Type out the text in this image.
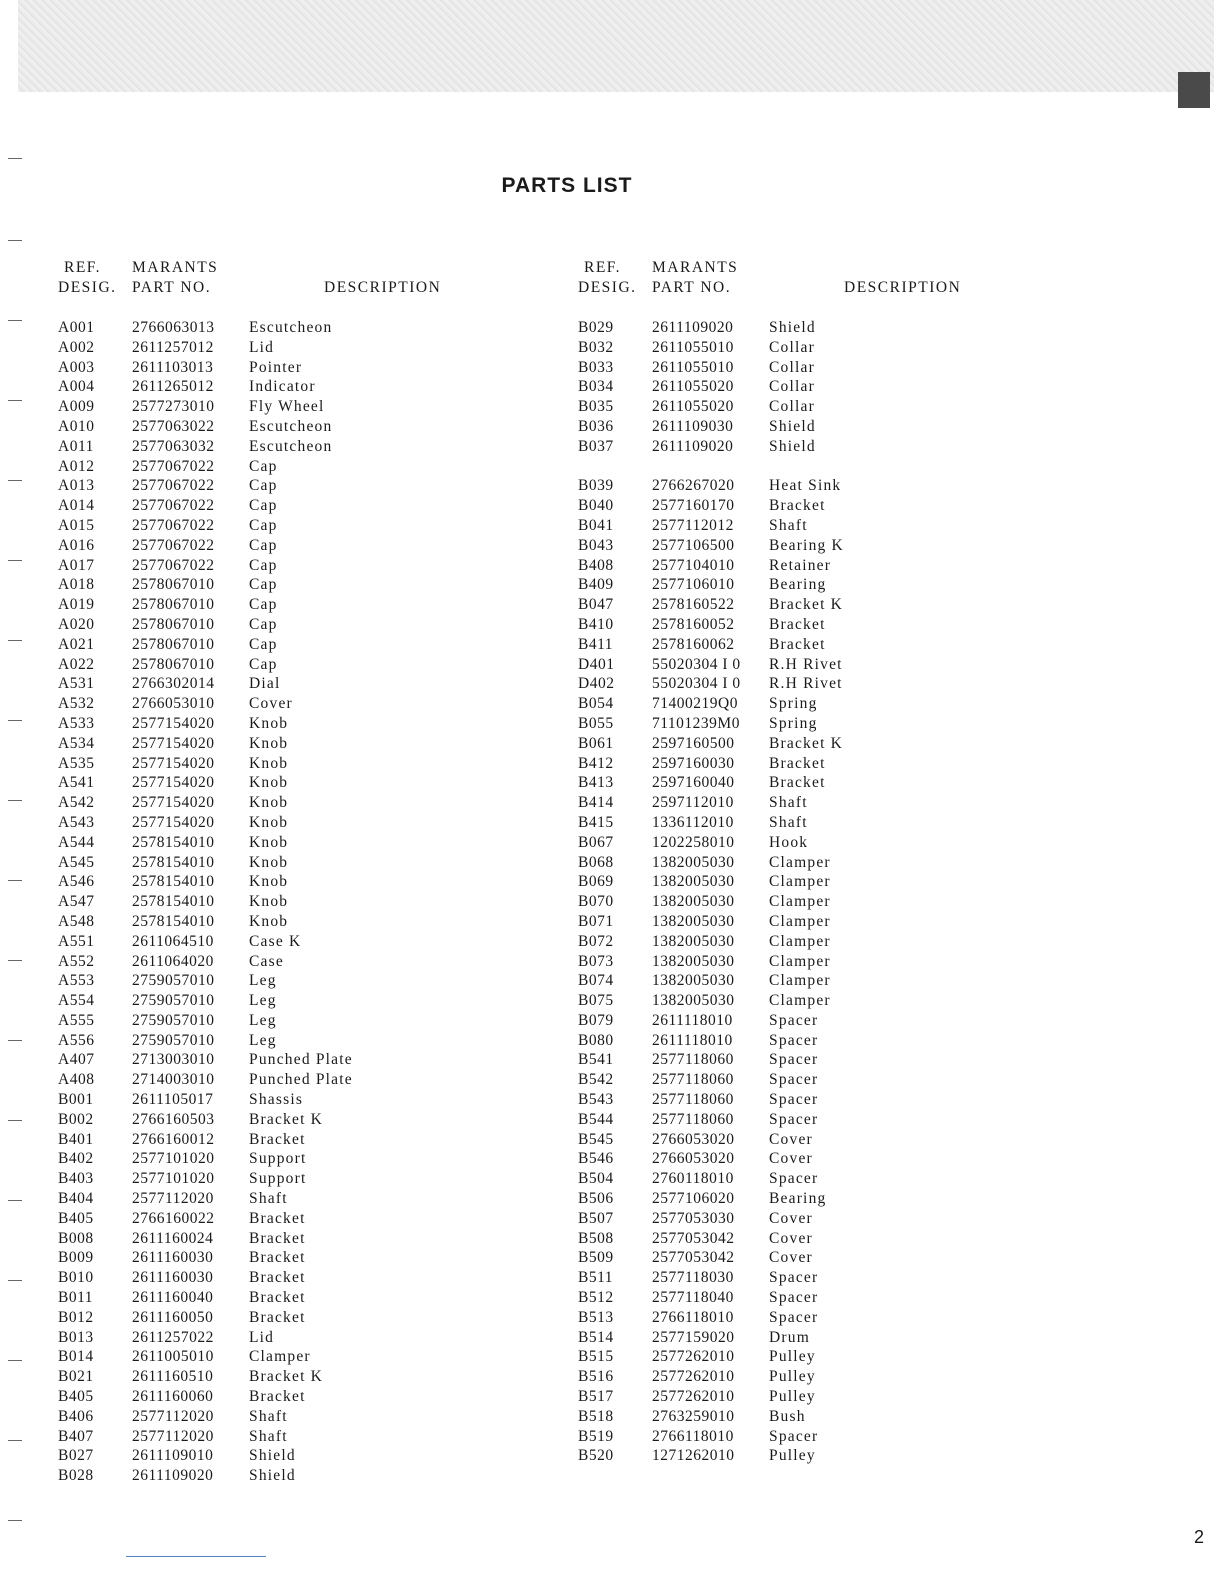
PARTS LIST
REF.
DESIG.
MARANTS
PART NO.	DESCRIPTION
A001 2766063013 Escutcheon
A002 2611257012 Lid
A003 2611103013 Pointer
A004 2611265012 Indicator
A009 2577273010 Fly Wheel
A010 2577063022 Escutcheon
A011 2577063032 Escutcheon
A012 2577067022 Cap
A013 2577067022 Cap
A014 2577067022 Cap
A015 2577067022 Cap
A016 2577067022 Cap
A017 2577067022 Cap
A018 2578067010 Cap
A019 2578067010 Cap
A020 2578067010 Cap
A021 2578067010 Cap
A022 2578067010 Cap
A531 2766302014 Dial
A532 2766053010 Cover
A533 2577154020 Knob
A534 2577154020 Knob
A535 2577154020 Knob
A541 2577154020 Knob
A542 2577154020 Knob
A543 2577154020 Knob
A544 2578154010 Knob
A545 2578154010 Knob
A546 2578154010 Knob
A547 2578154010 Knob
A548 2578154010 Knob
A551 2611064510 Case K
A552 2611064020 Case
A553 2759057010 Leg
A554 2759057010 Leg
A555 2759057010 Leg
A556 2759057010 Leg
A407 2713003010 Punched Plate
A408 2714003010 Punched Plate
B001 2611105017 Shassis
B002 2766160503 Bracket K
B401 2766160012 Bracket
B402 2577101020 Support
B403 2577101020 Support
B404 2577112020 Shaft
B405 2766160022 Bracket
B008 2611160024 Bracket
B009 2611160030 Bracket
B010 2611160030 Bracket
B011	2611160040 Bracket
B012 2611160050 Bracket
B013 2611257022 Lid
B014 2611005010 Clamper
B021 2611160510 Bracket K
B405 2611160060 Bracket
B406 2577112020 Shaft
B407 2577112020 Shaft
B027 2611109010 Shield
B028 2611109020 Shield
REF.
DESIG.
MARANTS
PART NO.	DESCRIPTION
B029 2611109020 Shield
B032 2611055010 Collar
B033 2611055010 Collar
B034 2611055020 Collar
B035 2611055020 Collar
B036 2611109030 Shield
B037 2611109020 Shield
B039 2766267020 Heat Sink
B040 2577160170 Bracket
B041 2577112012 Shaft
B043 2577106500 Bearing K
B408 2577104010 Retainer
B409 2577106010 Bearing
B047 2578160522 Bracket K
B410 2578160052 Bracket
B411	2578160062 Bracket
D401 55020304 I 0 R.H Rivet
D402 55020304 I 0 R.H Rivet
B054 71400219Q0 Spring
B055 71101239M0 Spring
B061 2597160500 Bracket K
B412 2597160030 Bracket
B413 2597160040 Bracket
B414 2597112010 Shaft
B415 1336112010 Shaft
B067 1202258010 Hook
B068 1382005030 Clamper
B069 1382005030 Clamper
B070 1382005030 Clamper
B071 1382005030 Clamper
B072 1382005030 Clamper
B073 1382005030 Clamper
B074 1382005030 Clamper
B075 1382005030 Clamper
B079 2611118010 Spacer
B080 2611118010 Spacer
B541 2577118060 Spacer
B542 2577118060 Spacer
B543 2577118060 Spacer
B544 2577118060 Spacer
B545 2766053020 Cover
B546 2766053020 Cover
B504 2760118010 Spacer
B506 2577106020 Bearing
B507 2577053030 Cover
B508 2577053042 Cover
B509 2577053042 Cover
B511	2577118030 Spacer
B512 2577118040 Spacer
B513 2766118010 Spacer
B514 2577159020 Drum
B515 2577262010 Pulley
B516 2577262010 Pulley
B517 2577262010 Pulley
B518 2763259010 Bush
B519 2766118010 Spacer
B520 1271262010 Pulley
2
